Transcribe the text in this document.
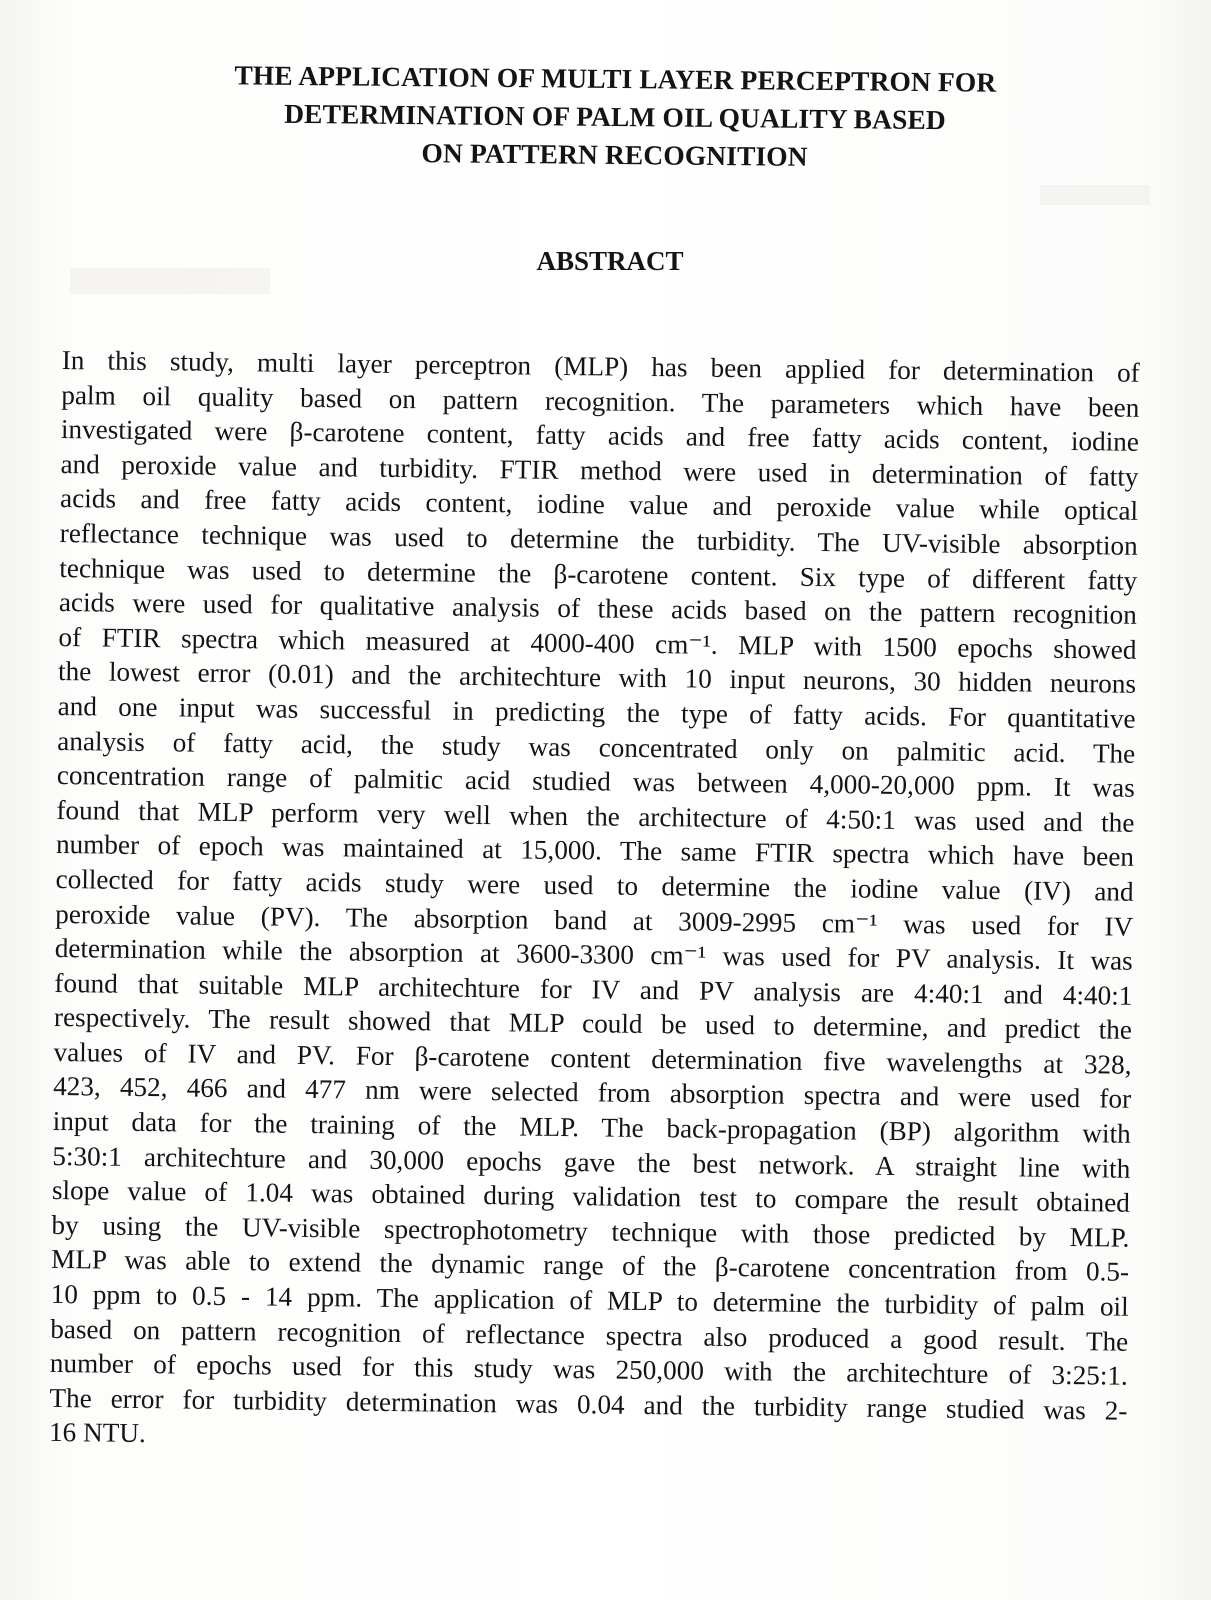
THE APPLICATION OF MULTI LAYER PERCEPTRON FOR
DETERMINATION OF PALM OIL QUALITY BASED
ON PATTERN RECOGNITION
ABSTRACT
In this study, multi layer perceptron (MLP) has been applied for determination of
palm oil quality based on pattern recognition. The parameters which have been
investigated were β-carotene content, fatty acids and free fatty acids content, iodine
and peroxide value and turbidity. FTIR method were used in determination of fatty
acids and free fatty acids content, iodine value and peroxide value while optical
reflectance technique was used to determine the turbidity. The UV-visible absorption
technique was used to determine the β-carotene content. Six type of different fatty
acids were used for qualitative analysis of these acids based on the pattern recognition
of FTIR spectra which measured at 4000-400 cm⁻¹. MLP with 1500 epochs showed
the lowest error (0.01) and the architechture with 10 input neurons, 30 hidden neurons
and one input was successful in predicting the type of fatty acids. For quantitative
analysis of fatty acid, the study was concentrated only on palmitic acid. The
concentration range of palmitic acid studied was between 4,000-20,000 ppm. It was
found that MLP perform very well when the architecture of 4:50:1 was used and the
number of epoch was maintained at 15,000. The same FTIR spectra which have been
collected for fatty acids study were used to determine the iodine value (IV) and
peroxide value (PV). The absorption band at 3009-2995 cm⁻¹ was used for IV
determination while the absorption at 3600-3300 cm⁻¹ was used for PV analysis. It was
found that suitable MLP architechture for IV and PV analysis are 4:40:1 and 4:40:1
respectively. The result showed that MLP could be used to determine, and predict the
values of IV and PV. For β-carotene content determination five wavelengths at 328,
423, 452, 466 and 477 nm were selected from absorption spectra and were used for
input data for the training of the MLP. The back-propagation (BP) algorithm with
5:30:1 architechture and 30,000 epochs gave the best network. A straight line with
slope value of 1.04 was obtained during validation test to compare the result obtained
by using the UV-visible spectrophotometry technique with those predicted by MLP.
MLP was able to extend the dynamic range of the β-carotene concentration from 0.5-
10 ppm to 0.5 - 14 ppm. The application of MLP to determine the turbidity of palm oil
based on pattern recognition of reflectance spectra also produced a good result. The
number of epochs used for this study was 250,000 with the architechture of 3:25:1.
The error for turbidity determination was 0.04 and the turbidity range studied was 2-
16 NTU.
